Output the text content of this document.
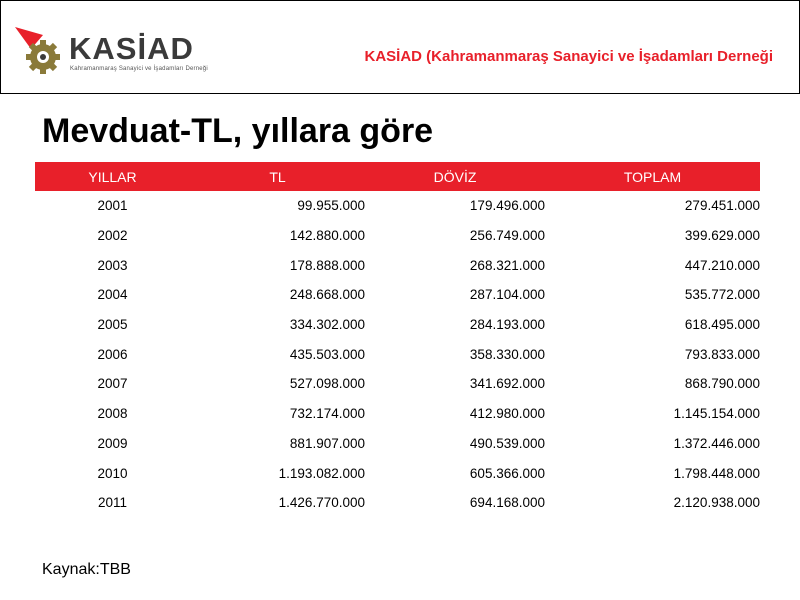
KASİAD
Kahramanmaraş Sanayici ve İşadamları Derneği
KASİAD (Kahramanmaraş Sanayici ve İşadamları Derneği
Mevduat-TL, yıllara göre
YILLAR	TL	DÖVİZ	TOPLAM
2001	99.955.000	179.496.000	279.451.000
2002	142.880.000	256.749.000	399.629.000
2003	178.888.000	268.321.000	447.210.000
2004	248.668.000	287.104.000	535.772.000
2005	334.302.000	284.193.000	618.495.000
2006	435.503.000	358.330.000	793.833.000
2007	527.098.000	341.692.000	868.790.000
2008	732.174.000	412.980.000	1.145.154.000
2009	881.907.000	490.539.000	1.372.446.000
2010	1.193.082.000	605.366.000	1.798.448.000
2011	1.426.770.000	694.168.000	2.120.938.000
Kaynak:TBB
